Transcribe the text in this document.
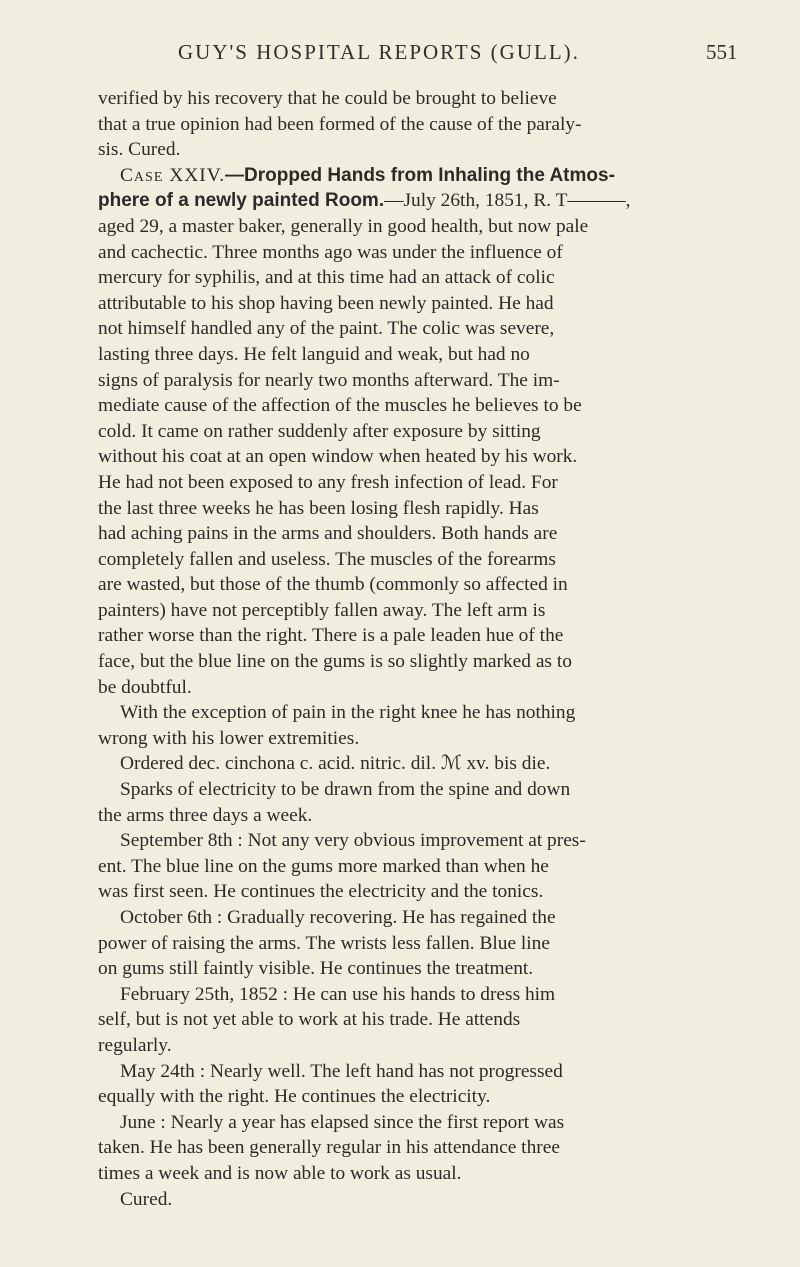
GUY'S HOSPITAL REPORTS (GULL).	551
verified by his recovery that he could be brought to believe
that a true opinion had been formed of the cause of the paraly-
sis. Cured.
Case XXIV.—Dropped Hands from Inhaling the Atmos-
phere of a newly painted Room.—July 26th, 1851, R. T———,
aged 29, a master baker, generally in good health, but now pale
and cachectic. Three months ago was under the influence of
mercury for syphilis, and at this time had an attack of colic
attributable to his shop having been newly painted. He had
not himself handled any of the paint. The colic was severe,
lasting three days. He felt languid and weak, but had no
signs of paralysis for nearly two months afterward. The im-
mediate cause of the affection of the muscles he believes to be
cold. It came on rather suddenly after exposure by sitting
without his coat at an open window when heated by his work.
He had not been exposed to any fresh infection of lead. For
the last three weeks he has been losing flesh rapidly. Has
had aching pains in the arms and shoulders. Both hands are
completely fallen and useless. The muscles of the forearms
are wasted, but those of the thumb (commonly so affected in
painters) have not perceptibly fallen away. The left arm is
rather worse than the right. There is a pale leaden hue of the
face, but the blue line on the gums is so slightly marked as to
be doubtful.
With the exception of pain in the right knee he has nothing
wrong with his lower extremities.
Ordered dec. cinchona c. acid. nitric. dil. ℳ xv. bis die.
Sparks of electricity to be drawn from the spine and down
the arms three days a week.
September 8th : Not any very obvious improvement at pres-
ent. The blue line on the gums more marked than when he
was first seen. He continues the electricity and the tonics.
October 6th : Gradually recovering. He has regained the
power of raising the arms. The wrists less fallen. Blue line
on gums still faintly visible. He continues the treatment.
February 25th, 1852 : He can use his hands to dress him
self, but is not yet able to work at his trade. He attends
regularly.
May 24th : Nearly well. The left hand has not progressed
equally with the right. He continues the electricity.
June : Nearly a year has elapsed since the first report was
taken. He has been generally regular in his attendance three
times a week and is now able to work as usual.
Cured.
